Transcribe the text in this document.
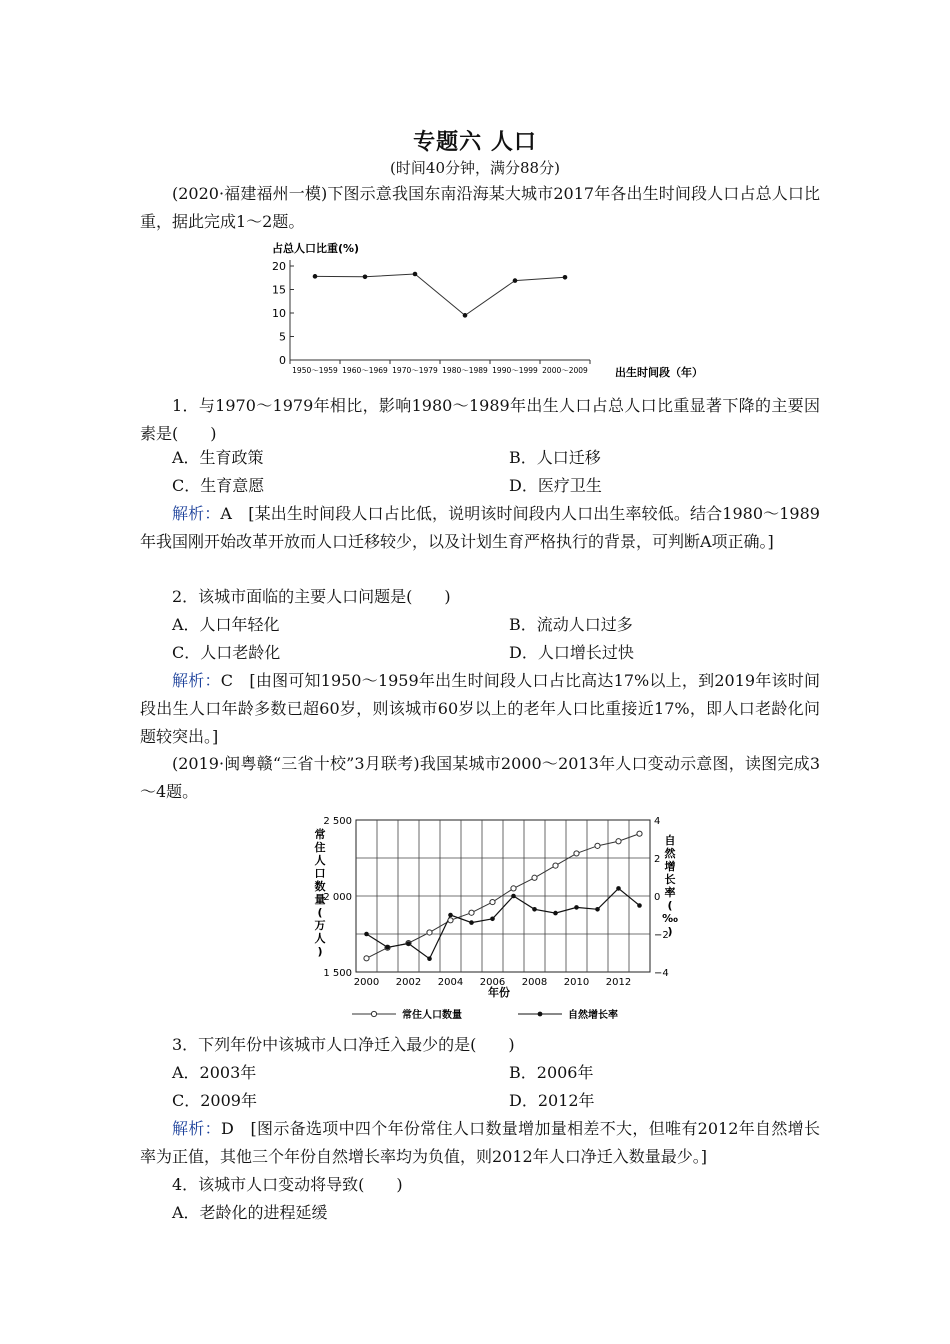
专题六 人口
(时间40分钟，满分88分)

(2020·福建福州一模)下图示意我国东南沿海某大城市2017年各出生时间段人口占总人口比重，据此完成1～2题。

0
5
10
15
20
1950～1959 1960～1969 1970～1979 1980～1989 1990～1999 2000～2009
占总人口比重(%)
出生时间段（年）

1．与1970～1979年相比，影响1980～1989年出生人口占总人口比重显著下降的主要因素是(　　)

A．生育政策	B．人口迁移
C．生育意愿	D．医疗卫生

解析：A　[某出生时间段人口占比低，说明该时间段内人口出生率较低。结合1980～1989年我国刚开始改革开放而人口迁移较少，以及计划生育严格执行的背景，可判断A项正确。]

2．该城市面临的主要人口问题是(　　)
A．人口年轻化	B．流动人口过多
C．人口老龄化	D．人口增长过快

解析：C　[由图可知1950～1959年出生时间段人口占比高达17%以上，到2019年该时间段出生人口年龄多数已超60岁，则该城市60岁以上的老年人口比重接近17%，即人口老龄化问题较突出。]

(2019·闽粤赣“三省十校”3月联考)我国某城市2000～2013年人口变动示意图，读图完成3～4题。

1 500
2 000
2 500
−4
−2
0
2
4
2000 2002 2004 2006 2008 2010 2012
年份
常
住
人
口
数
量
(
万
人
)
自
然
增
长
率
(
‰
)
常住人口数量	自然增长率
3．下列年份中该城市人口净迁入最少的是(　　)
A．2003年	B．2006年
C．2009年	D．2012年

解析：D　[图示备选项中四个年份常住人口数量增加量相差不大，但唯有2012年自然增长率为正值，其他三个年份自然增长率均为负值，则2012年人口净迁入数量最少。]

4．该城市人口变动将导致(　　)
A．老龄化的进程延缓
